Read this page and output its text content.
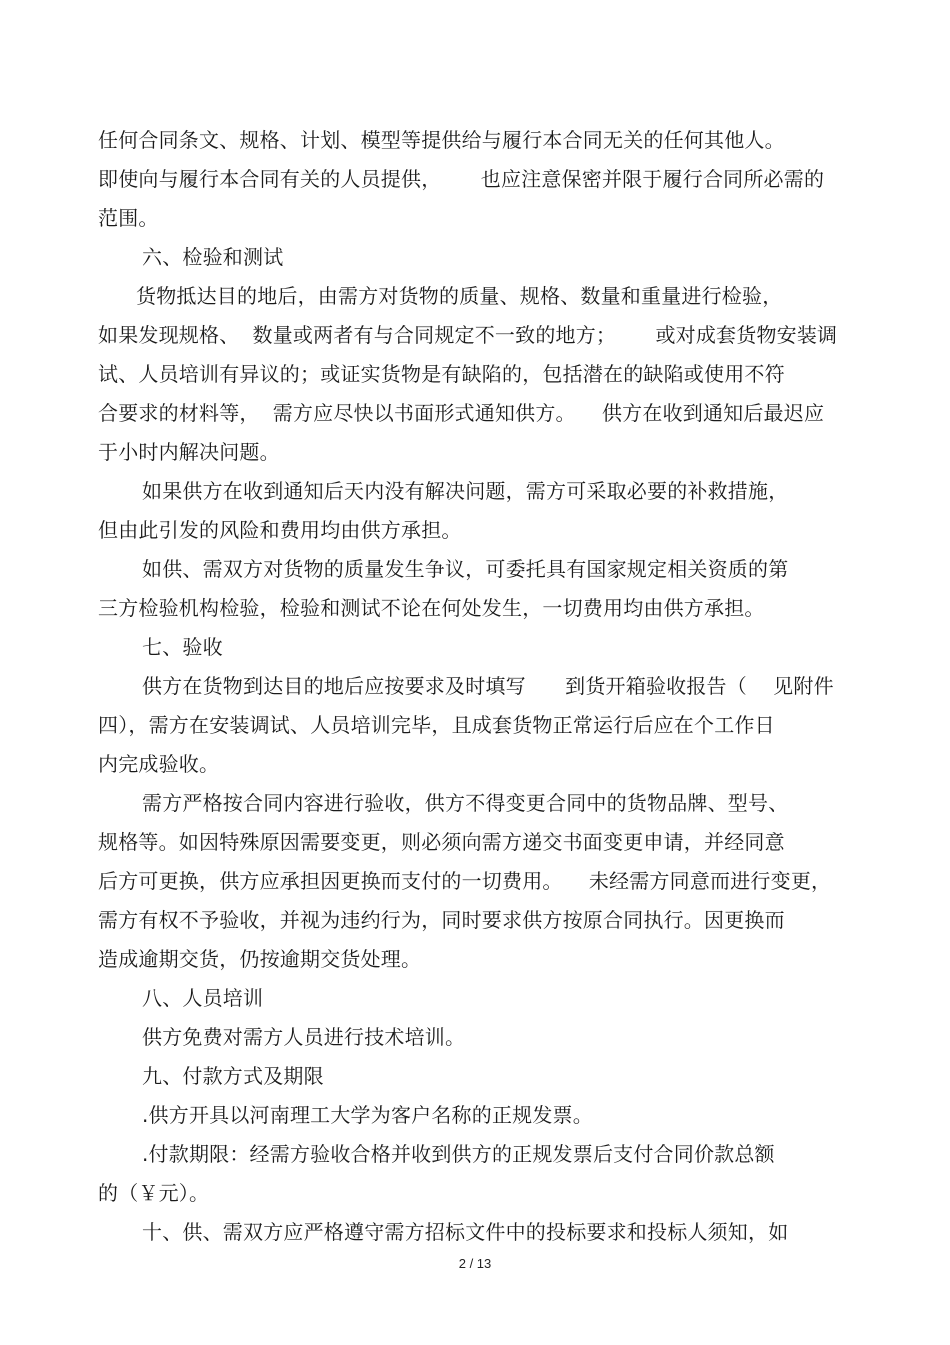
任何合同条文、规格、计划、模型等提供给与履行本合同无关的任何其他人。
即使向与履行本合同有关的人员提供，      也应注意保密并限于履行合同所必需的
范围。
六、检验和测试
货物抵达目的地后，由需方对货物的质量、规格、数量和重量进行检验，
如果发现规格、  数量或两者有与合同规定不一致的地方；      或对成套货物安装调
试、人员培训有异议的；或证实货物是有缺陷的，包括潜在的缺陷或使用不符
合要求的材料等，  需方应尽快以书面形式通知供方。    供方在收到通知后最迟应
于小时内解决问题。
如果供方在收到通知后天内没有解决问题，需方可采取必要的补救措施，
但由此引发的风险和费用均由供方承担。
如供、需双方对货物的质量发生争议，可委托具有国家规定相关资质的第
三方检验机构检验，检验和测试不论在何处发生，一切费用均由供方承担。
七、验收
供方在货物到达目的地后应按要求及时填写      到货开箱验收报告（    见附件
四），需方在安装调试、人员培训完毕，且成套货物正常运行后应在个工作日
内完成验收。
需方严格按合同内容进行验收，供方不得变更合同中的货物品牌、型号、
规格等。如因特殊原因需要变更，则必须向需方递交书面变更申请，并经同意
后方可更换，供方应承担因更换而支付的一切费用。    未经需方同意而进行变更，
需方有权不予验收，并视为违约行为，同时要求供方按原合同执行。因更换而
造成逾期交货，仍按逾期交货处理。
八、人员培训
供方免费对需方人员进行技术培训。
九、付款方式及期限
.供方开具以河南理工大学为客户名称的正规发票。
.付款期限：经需方验收合格并收到供方的正规发票后支付合同价款总额
的（￥元）。
十、供、需双方应严格遵守需方招标文件中的投标要求和投标人须知，如
2 / 13
